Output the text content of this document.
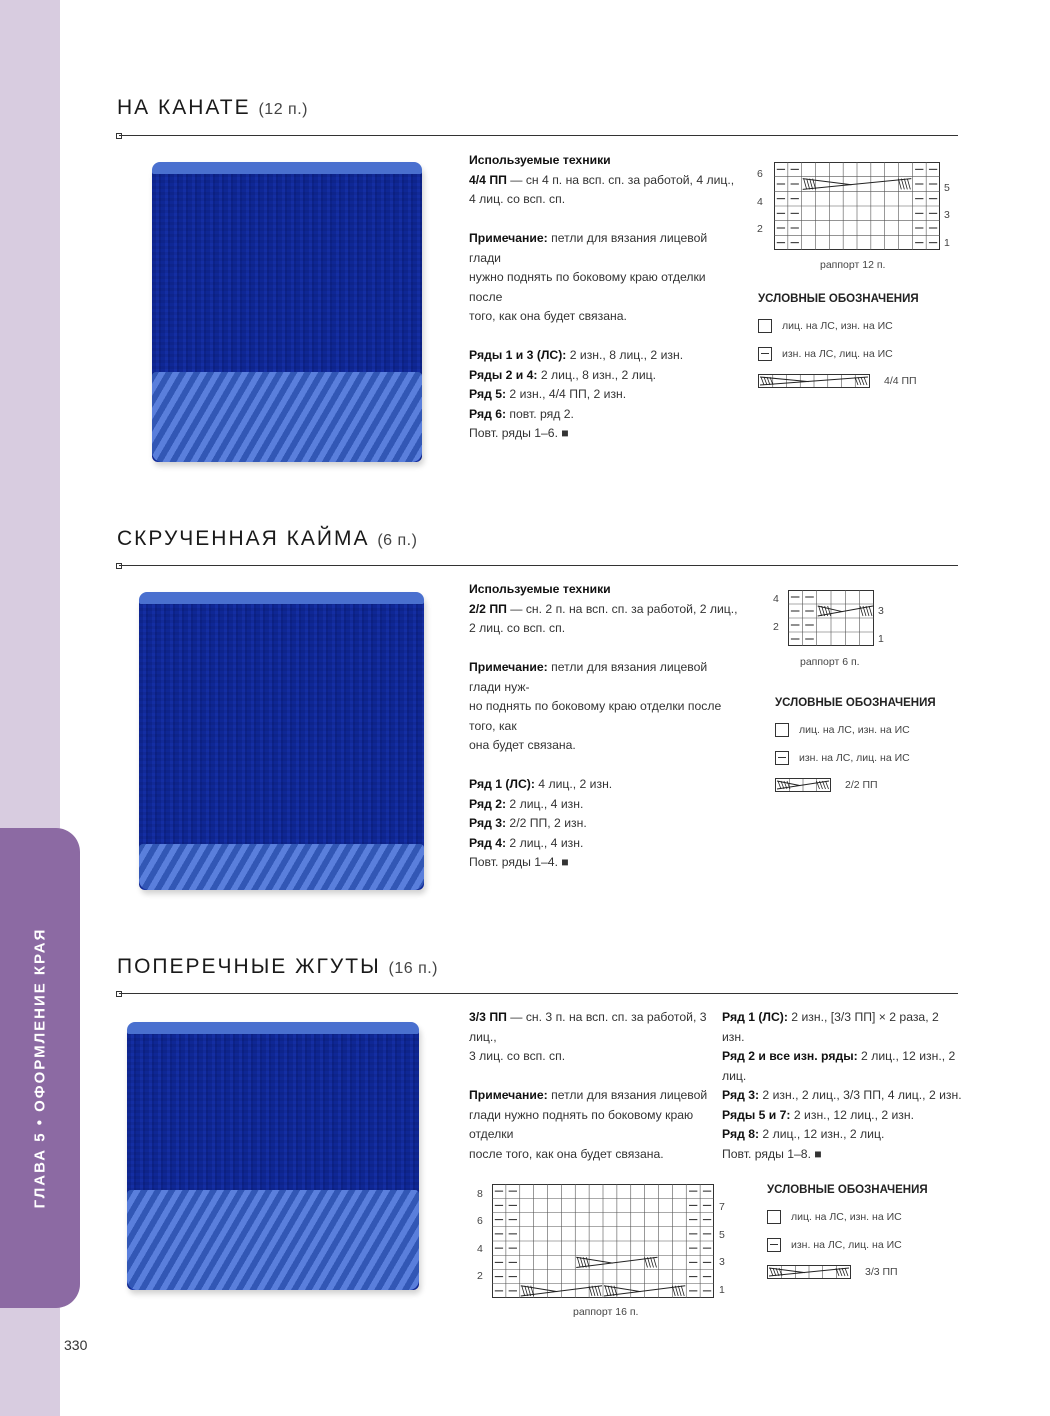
ГЛАВА 5 • ОФОРМЛЕНИЕ КРАЯ
330
НА КАНАТЕ (12 п.)

Используемые техники

4/4 ПП — сн 4 п. на всп. сп. за работой, 4 лиц.,

4 лиц. со всп. сп.

Примечание: петли для вязания лицевой глади

нужно поднять по боковому краю отделки после

того, как она будет связана.

Ряды 1 и 3 (ЛС): 2 изн., 8 лиц., 2 изн.

Ряды 2 и 4: 2 лиц., 8 изн., 2 лиц.

Ряд 5: 2 изн., 4/4 ПП, 2 изн.

Ряд 6: повт. ряд 2.

Повт. ряды 1–6. ■

6
4
2
5
3
1
раппорт 12 п.
УСЛОВНЫЕ ОБОЗНАЧЕНИЯ
лиц. на ЛС, изн. на ИС
изн. на ЛС, лиц. на ИС
4/4 ПП
СКРУЧЕННАЯ КАЙМА (6 п.)

Используемые техники

2/2 ПП — сн. 2 п. на всп. сп. за работой, 2 лиц.,

2 лиц. со всп. сп.

Примечание: петли для вязания лицевой глади нуж-

но поднять по боковому краю отделки после того, как

она будет связана.

Ряд 1 (ЛС): 4 лиц., 2 изн.

Ряд 2: 2 лиц., 4 изн.

Ряд 3: 2/2 ПП, 2 изн.

Ряд 4: 2 лиц., 4 изн.

Повт. ряды 1–4. ■

4
2
3
1
раппорт 6 п.
УСЛОВНЫЕ ОБОЗНАЧЕНИЯ
лиц. на ЛС, изн. на ИС
изн. на ЛС, лиц. на ИС
2/2 ПП
ПОПЕРЕЧНЫЕ ЖГУТЫ (16 п.)

3/3 ПП — сн. 3 п. на всп. сп. за работой, 3 лиц.,

3 лиц. со всп. сп.

Примечание: петли для вязания лицевой

глади нужно поднять по боковому краю отделки

после того, как она будет связана.

Ряд 1 (ЛС): 2 изн., [3/3 ПП] × 2 раза, 2 изн.

Ряд 2 и все изн. ряды: 2 лиц., 12 изн., 2 лиц.

Ряд 3: 2 изн., 2 лиц., 3/3 ПП, 4 лиц., 2 изн.

Ряды 5 и 7: 2 изн., 12 лиц., 2 изн.

Ряд 8: 2 лиц., 12 изн., 2 лиц.

Повт. ряды 1–8. ■

8
6
4
2
7
5
3
1
раппорт 16 п.
УСЛОВНЫЕ ОБОЗНАЧЕНИЯ
лиц. на ЛС, изн. на ИС
изн. на ЛС, лиц. на ИС
3/3 ПП
